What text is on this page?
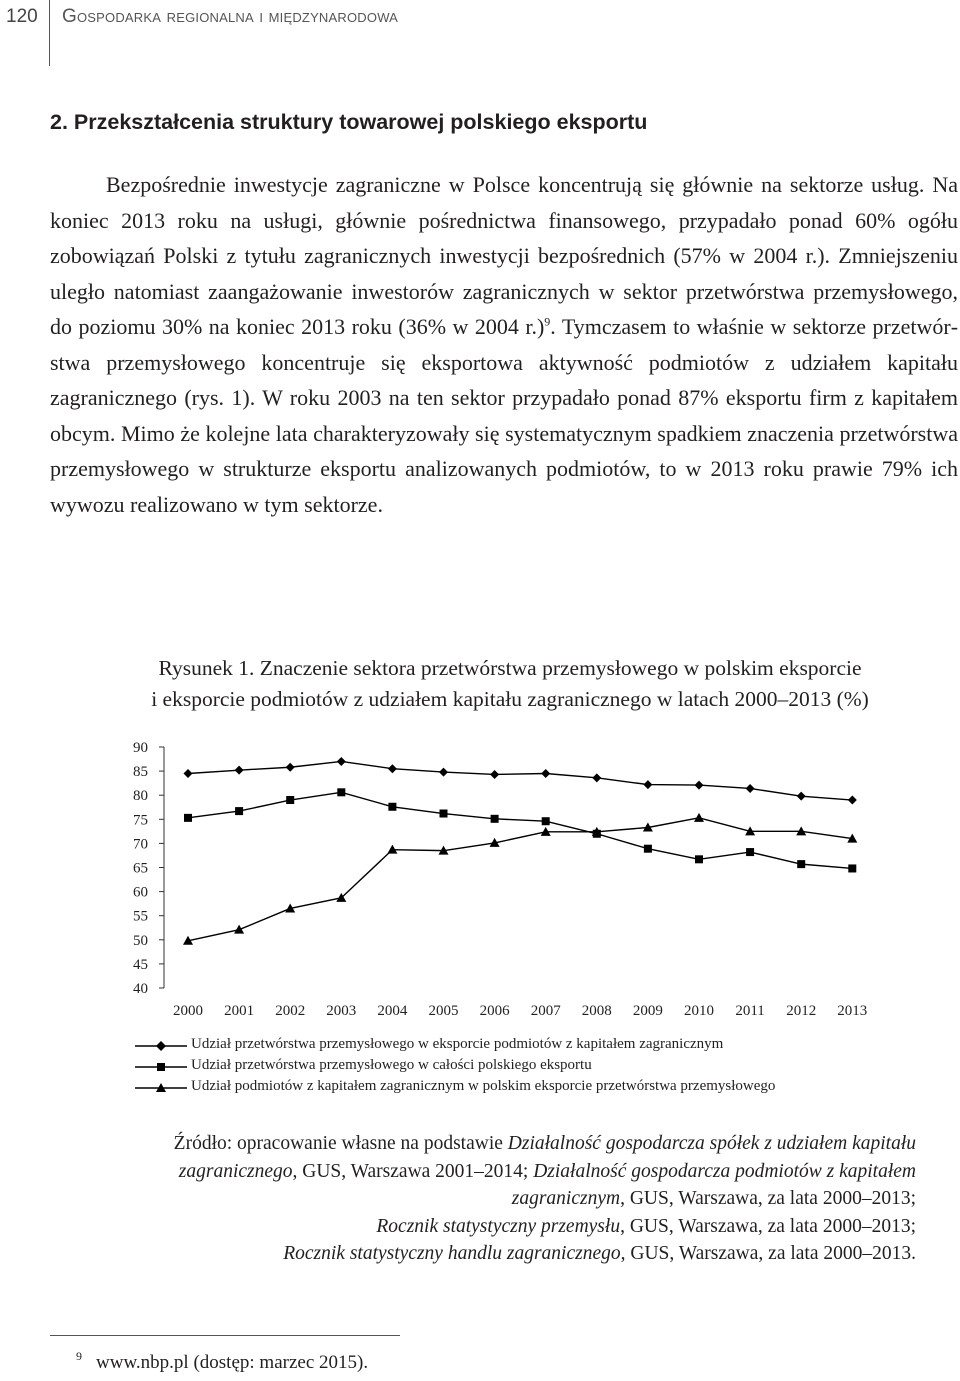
120 Gospodarka regionalna i międzynarodowa
2. Przekształcenia struktury towarowej polskiego eksportu

Bezpośrednie inwestycje zagraniczne w Polsce koncentrują się głównie na sektorze usług. Na koniec 2013 roku na usługi, głównie pośrednictwa finansowego, przypadało ponad 60% ogółu zobowiązań Polski z tytułu zagranicznych inwestycji bezpośrednich (57% w 2004 r.). Zmniejszeniu uległo natomiast zaangażowanie inwestorów zagranicznych w sektor przetwórstwa przemysłowego, do poziomu 30% na koniec 2013 roku (36% w 2004 r.)$^9$. Tymczasem to właśnie w sektorze przetwórstwa przemysłowego koncentruje się eksportowa aktywność podmiotów z udziałem kapitału zagranicznego (rys. 1). W roku 2003 na ten sektor przypadało ponad 87% eksportu firm z kapitałem obcym. Mimo że kolejne lata charakteryzowały się systematycznym spadkiem znaczenia przetwórstwa przemysłowego w strukturze eksportu analizowanych podmiotów, to w 2013 roku prawie 79% ich wywozu realizowano w tym sektorze.

Rysunek 1. Znaczenie sektora przetwórstwa przemysłowego w polskim eksporcie
i eksporcie podmiotów z udziałem kapitału zagranicznego w latach 2000–2013 (%)
40
45
50
55
60
65
70
75
80
85
90
2000 2001 2002 2003 2004 2005 2006 2007 2008 2009 2010 2011 2012 2013
Udział przetwórstwa przemysłowego w eksporcie podmiotów z kapitałem zagranicznym
Udział przetwórstwa przemysłowego w całości polskiego eksportu
Udział podmiotów z kapitałem zagranicznym w polskim eksporcie przetwórstwa przemysłowego
Źródło: opracowanie własne na podstawie Działalność gospodarcza spółek z udziałem kapitału zagranicznego, GUS, Warszawa 2001–2014; Działalność gospodarcza podmiotów z kapitałem zagranicznym, GUS, Warszawa, za lata 2000–2013;
Rocznik statystyczny przemysłu, GUS, Warszawa, za lata 2000–2013;
Rocznik statystyczny handlu zagranicznego, GUS, Warszawa, za lata 2000–2013.
$^9$ www.nbp.pl (dostęp: marzec 2015).
